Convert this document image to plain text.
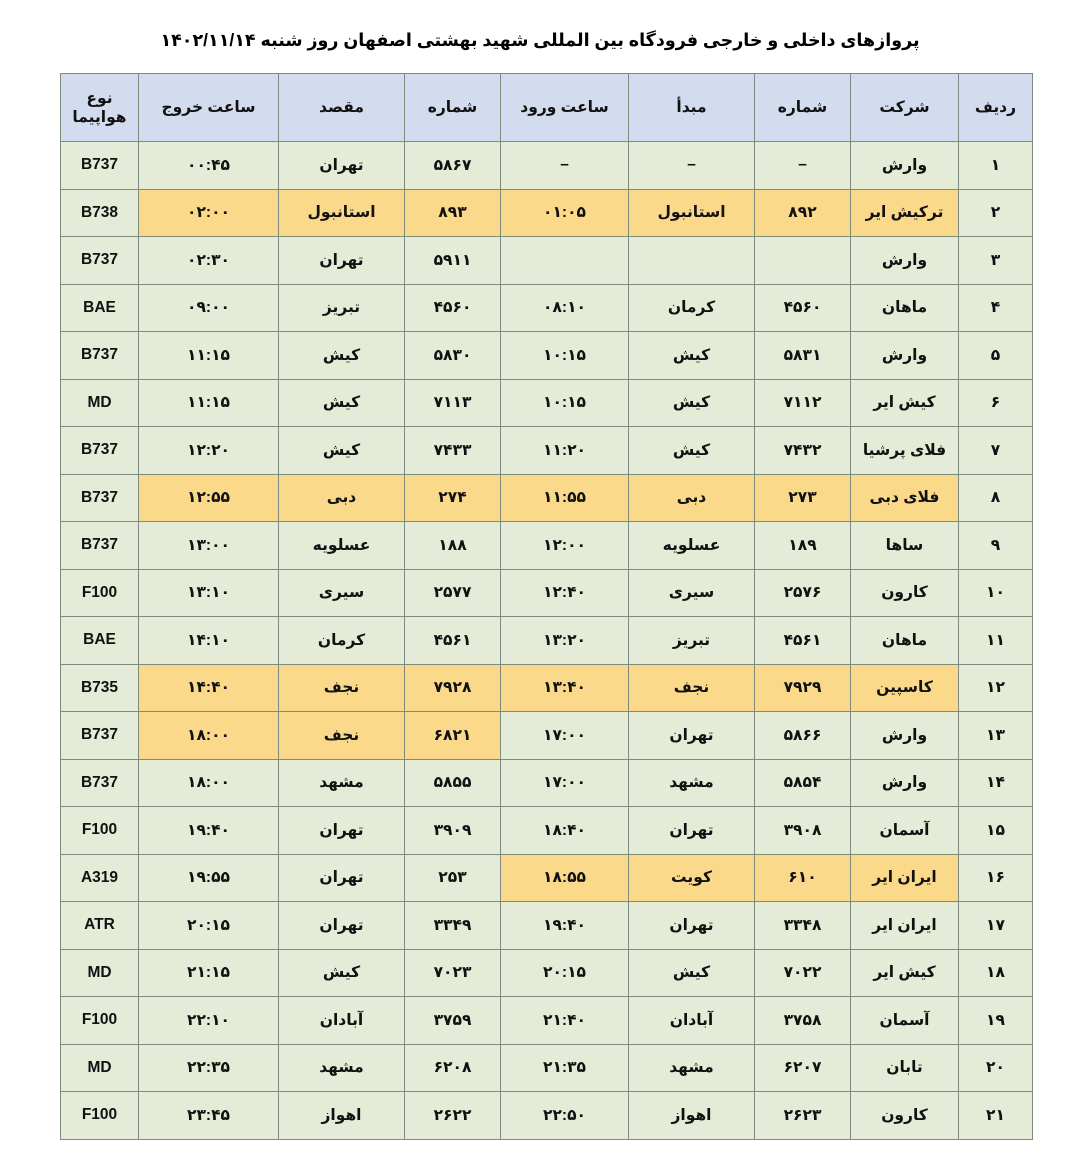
پروازهای داخلی و خارجی فرودگاه بین المللی شهید بهشتی اصفهان روز شنبه ۱۴۰۲/۱۱/۱۴
ردیف	شرکت	شماره	مبدأ	ساعت ورود	شماره	مقصد	ساعت خروج	نوع هواپیما
۱	وارش	–	–	–	۵۸۶۷	تهران	۰۰:۴۵	B737
۲	ترکیش ایر	۸۹۲	استانبول	۰۱:۰۵	۸۹۳	استانبول	۰۲:۰۰	B738
۳	وارش				۵۹۱۱	تهران	۰۲:۳۰	B737
۴	ماهان	۴۵۶۰	کرمان	۰۸:۱۰	۴۵۶۰	تبریز	۰۹:۰۰	BAE
۵	وارش	۵۸۳۱	کیش	۱۰:۱۵	۵۸۳۰	کیش	۱۱:۱۵	B737
۶	کیش ایر	۷۱۱۲	کیش	۱۰:۱۵	۷۱۱۳	کیش	۱۱:۱۵	MD
۷	فلای پرشیا	۷۴۳۲	کیش	۱۱:۲۰	۷۴۳۳	کیش	۱۲:۲۰	B737
۸	فلای دبی	۲۷۳	دبی	۱۱:۵۵	۲۷۴	دبی	۱۲:۵۵	B737
۹	ساها	۱۸۹	عسلویه	۱۲:۰۰	۱۸۸	عسلویه	۱۳:۰۰	B737
۱۰	کارون	۲۵۷۶	سیری	۱۲:۴۰	۲۵۷۷	سیری	۱۳:۱۰	F100
۱۱	ماهان	۴۵۶۱	تبریز	۱۳:۲۰	۴۵۶۱	کرمان	۱۴:۱۰	BAE
۱۲	کاسپین	۷۹۲۹	نجف	۱۳:۴۰	۷۹۲۸	نجف	۱۴:۴۰	B735
۱۳	وارش	۵۸۶۶	تهران	۱۷:۰۰	۶۸۲۱	نجف	۱۸:۰۰	B737
۱۴	وارش	۵۸۵۴	مشهد	۱۷:۰۰	۵۸۵۵	مشهد	۱۸:۰۰	B737
۱۵	آسمان	۳۹۰۸	تهران	۱۸:۴۰	۳۹۰۹	تهران	۱۹:۴۰	F100
۱۶	ایران ایر	۶۱۰	کویت	۱۸:۵۵	۲۵۳	تهران	۱۹:۵۵	A319
۱۷	ایران ایر	۳۳۴۸	تهران	۱۹:۴۰	۳۳۴۹	تهران	۲۰:۱۵	ATR
۱۸	کیش ایر	۷۰۲۲	کیش	۲۰:۱۵	۷۰۲۳	کیش	۲۱:۱۵	MD
۱۹	آسمان	۳۷۵۸	آبادان	۲۱:۴۰	۳۷۵۹	آبادان	۲۲:۱۰	F100
۲۰	تابان	۶۲۰۷	مشهد	۲۱:۳۵	۶۲۰۸	مشهد	۲۲:۳۵	MD
۲۱	کارون	۲۶۲۳	اهواز	۲۲:۵۰	۲۶۲۲	اهواز	۲۳:۴۵	F100
